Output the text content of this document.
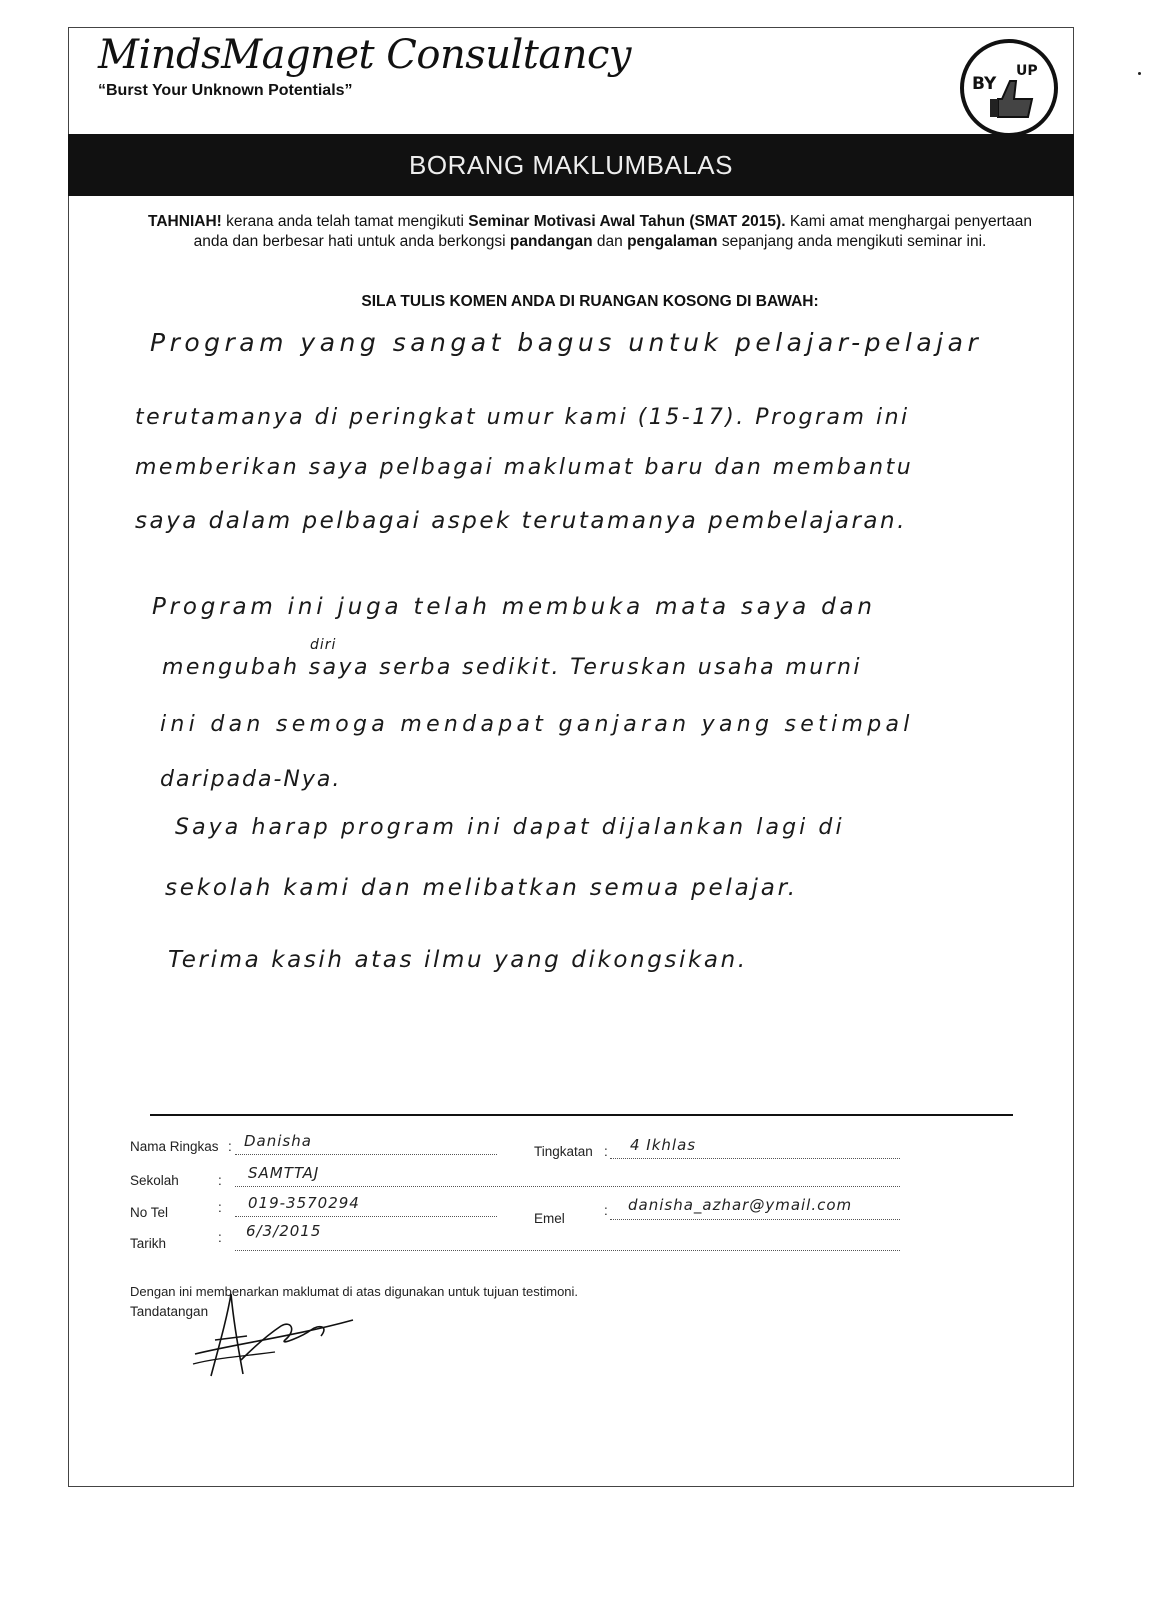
MindsMagnet Consultancy
“Burst Your Unknown Potentials”	BY
UP
BORANG MAKLUMBALAS
TAHNIAH! kerana anda telah tamat mengikuti Seminar Motivasi Awal Tahun (SMAT 2015). Kami amat menghargai penyertaan anda dan berbesar hati untuk anda berkongsi pandangan dan pengalaman sepanjang anda mengikuti seminar ini.
SILA TULIS KOMEN ANDA DI RUANGAN KOSONG DI BAWAH:
Program yang sangat bagus untuk pelajar-pelajar
terutamanya di peringkat umur kami (15-17). Program ini
memberikan saya pelbagai maklumat baru dan membantu
saya dalam pelbagai aspek terutamanya pembelajaran.
Program ini juga telah membuka mata saya dan
diri
mengubah saya serba sedikit. Teruskan usaha murni
ini dan semoga mendapat ganjaran yang setimpal
daripada-Nya.
Saya harap program ini dapat dijalankan lagi di
sekolah kami dan melibatkan semua pelajar.
Terima kasih atas ilmu yang dikongsikan.
Nama Ringkas : Danisha
Tingkatan : 4 Ikhlas
Sekolah	: SAMTTAJ
No Tel	: 019-3570294
Emel
: danisha_azhar@ymail.com
Tarikh	: 6/3/2015
Dengan ini membenarkan maklumat di atas digunakan untuk tujuan testimoni.
Tandatangan
